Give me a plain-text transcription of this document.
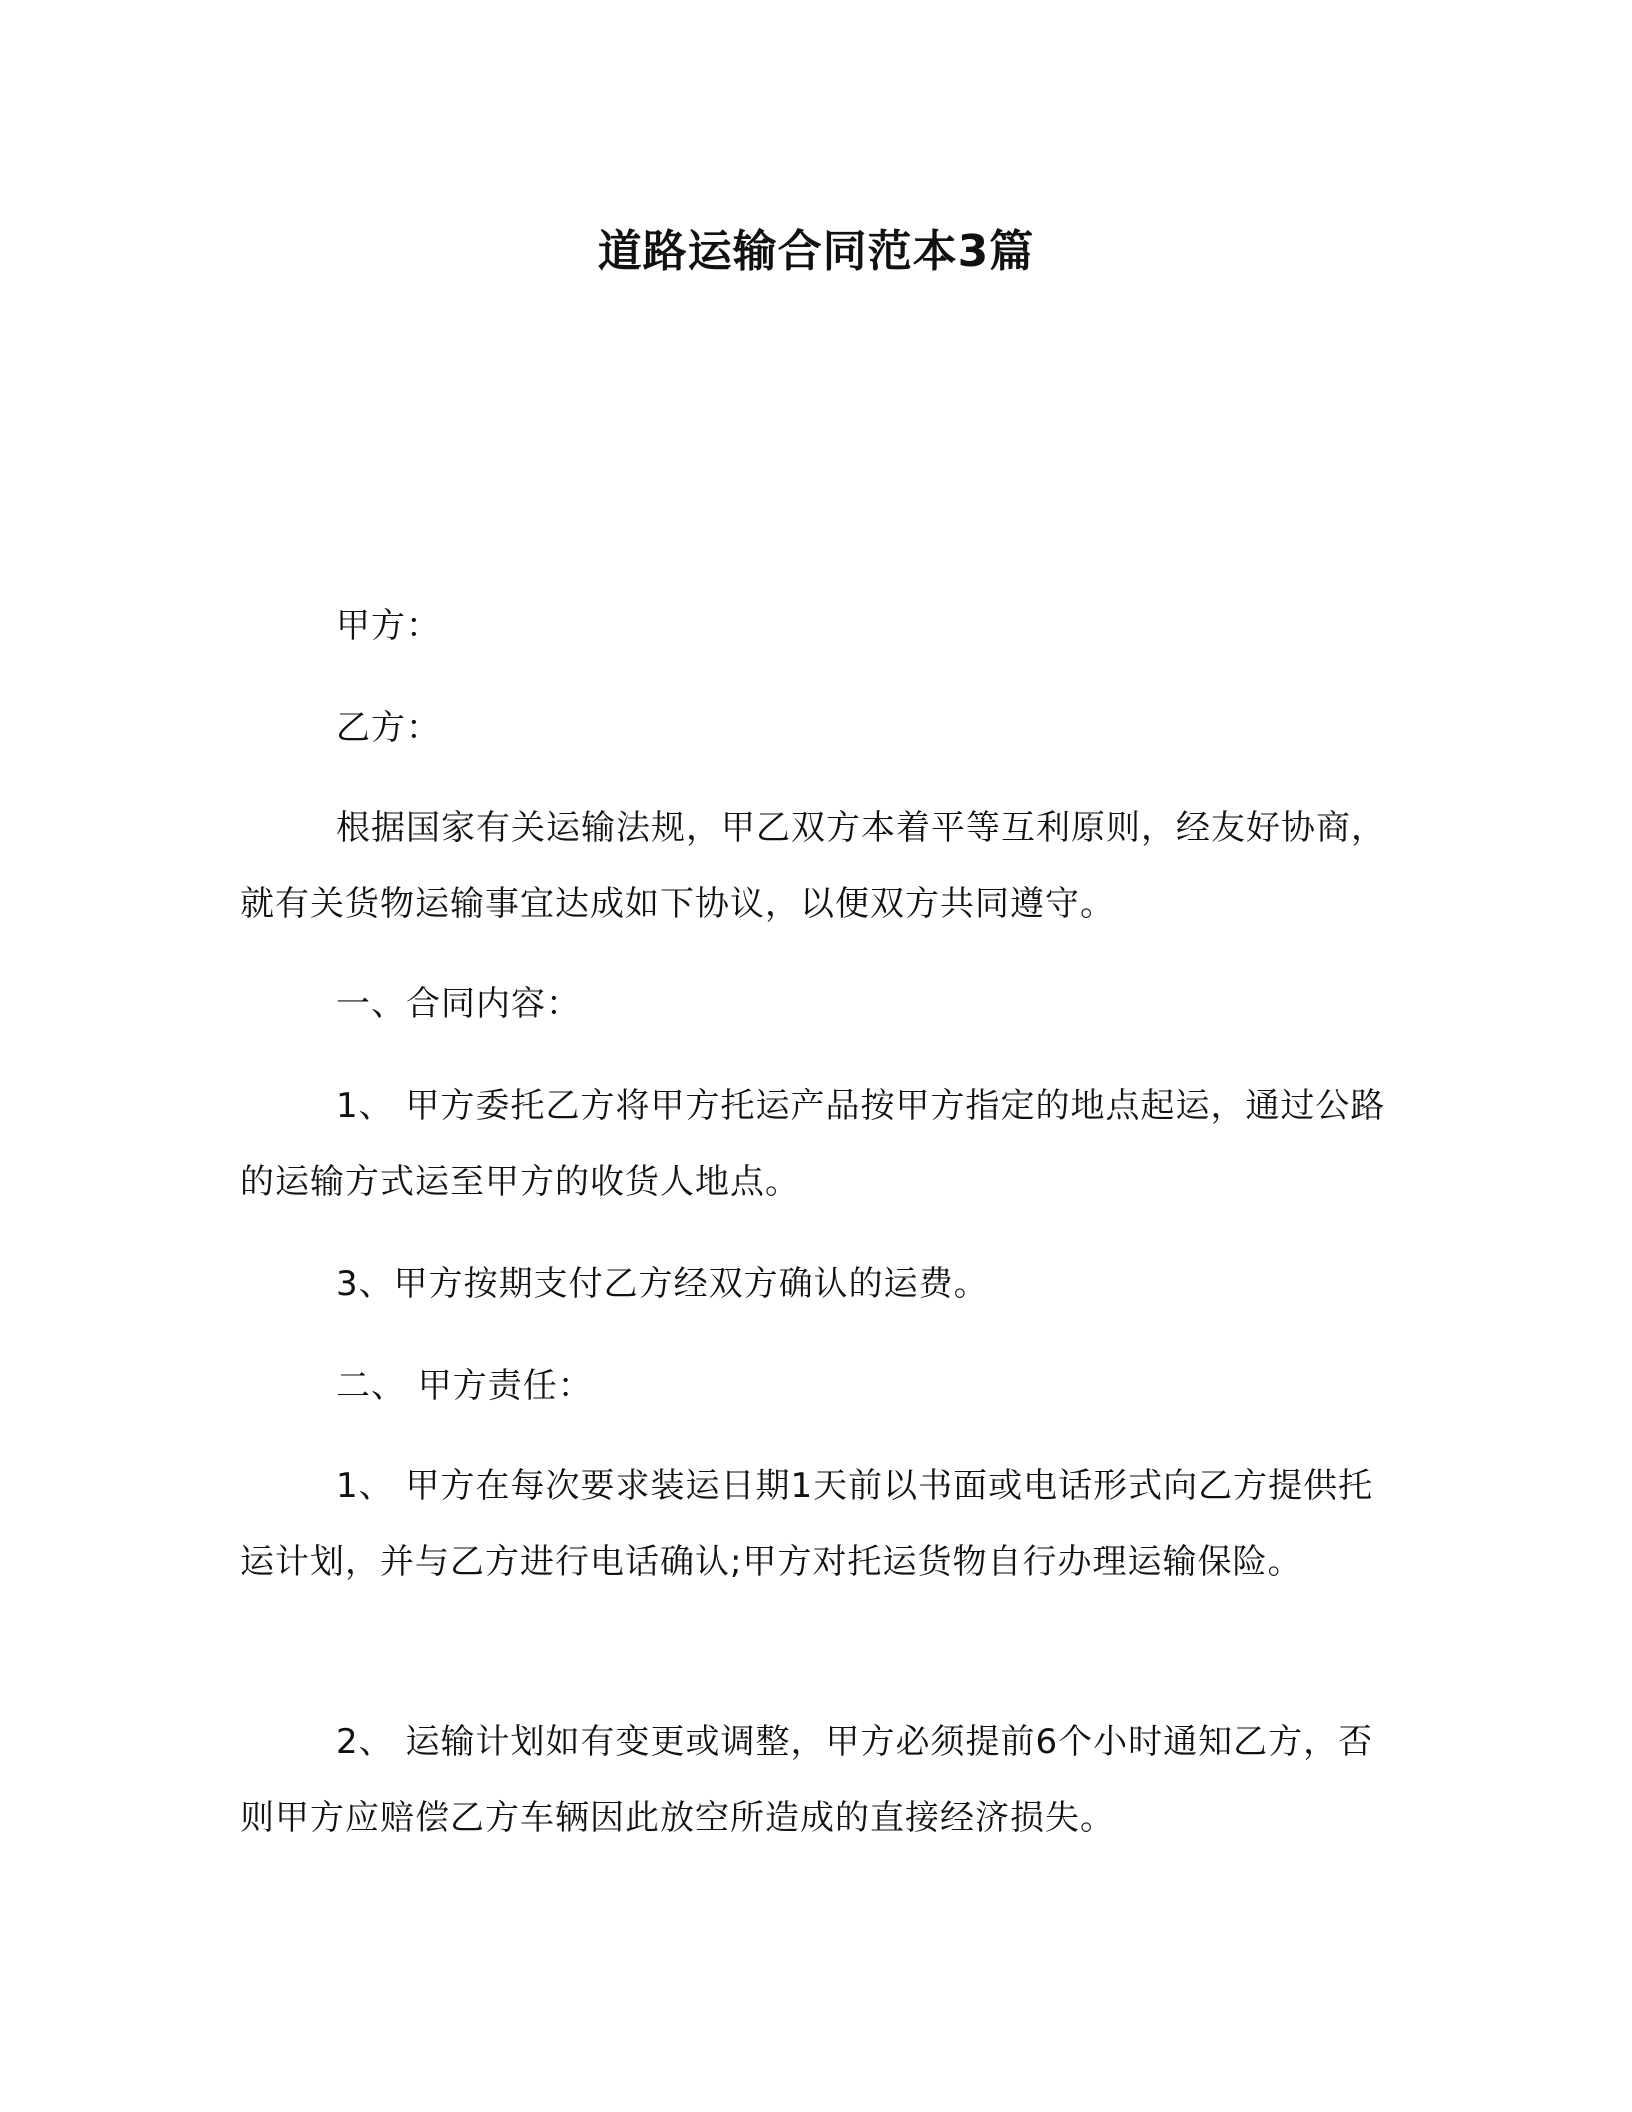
道路运输合同范本3篇
甲方：
乙方：
根据国家有关运输法规，甲乙双方本着平等互利原则，经友好协商，就有关货物运输事宜达成如下协议，以便双方共同遵守。
一、合同内容：
1、 甲方委托乙方将甲方托运产品按甲方指定的地点起运，通过公路的运输方式运至甲方的收货人地点。
3、甲方按期支付乙方经双方确认的运费。
二、 甲方责任：
1、 甲方在每次要求装运日期1天前以书面或电话形式向乙方提供托运计划，并与乙方进行电话确认;甲方对托运货物自行办理运输保险。
2、 运输计划如有变更或调整，甲方必须提前6个小时通知乙方，否则甲方应赔偿乙方车辆因此放空所造成的直接经济损失。
